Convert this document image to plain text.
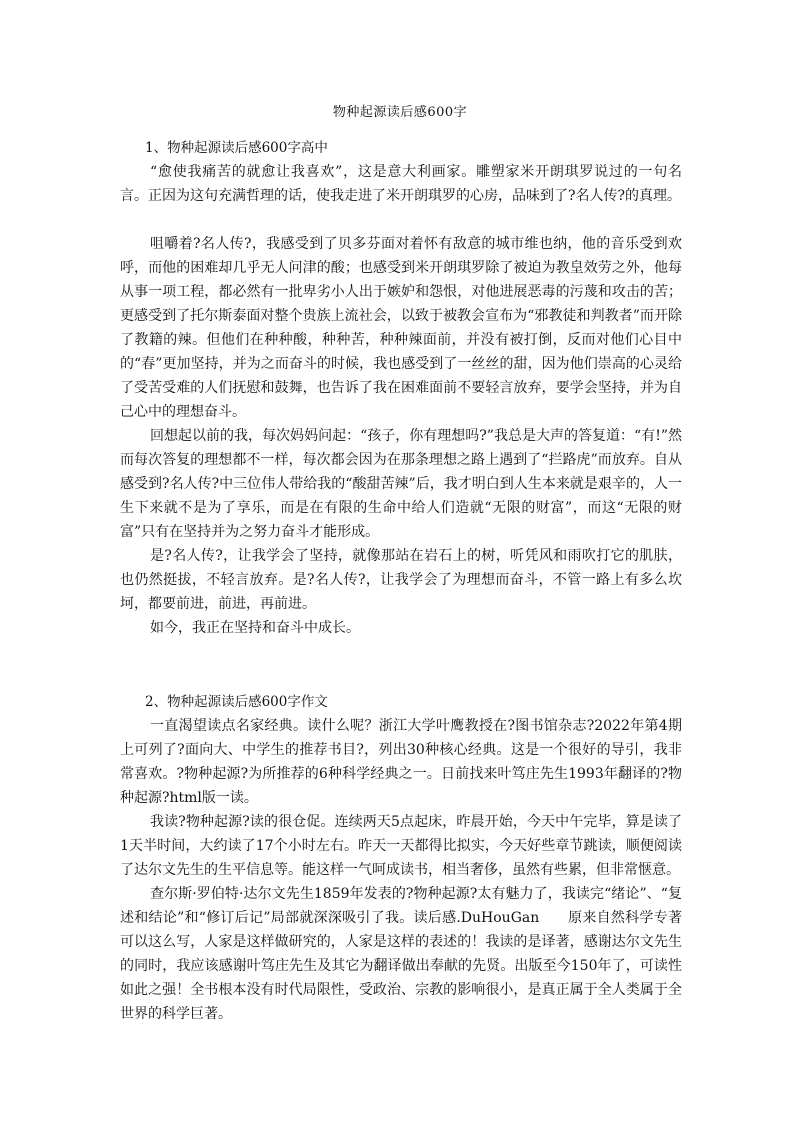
物种起源读后感600字

1、物种起源读后感600字高中

“愈使我痛苦的就愈让我喜欢”，这是意大利画家。雕塑家米开朗琪罗说过的一句名言。正因为这句充满哲理的话，使我走进了米开朗琪罗的心房，品味到了?名人传?的真理。

咀嚼着?名人传?，我感受到了贝多芬面对着怀有敌意的城市维也纳，他的音乐受到欢呼，而他的困难却几乎无人问津的酸；也感受到米开朗琪罗除了被迫为教皇效劳之外，他每从事一项工程，都必然有一批卑劣小人出于嫉妒和怨恨，对他进展恶毒的污蔑和攻击的苦；更感受到了托尔斯泰面对整个贵族上流社会，以致于被教会宣布为“邪教徒和判教者”而开除了教籍的辣。但他们在种种酸，种种苦，种种辣面前，并没有被打倒，反而对他们心目中的“春”更加坚持，并为之而奋斗的时候，我也感受到了一丝丝的甜，因为他们崇高的心灵给了受苦受难的人们抚慰和鼓舞，也告诉了我在困难面前不要轻言放弃，要学会坚持，并为自己心中的理想奋斗。

回想起以前的我，每次妈妈问起：“孩子，你有理想吗?”我总是大声的答复道：“有!”然而每次答复的理想都不一样，每次都会因为在那条理想之路上遇到了“拦路虎”而放弃。自从感受到?名人传?中三位伟人带给我的“酸甜苦辣”后，我才明白到人生本来就是艰辛的，人一生下来就不是为了享乐，而是在有限的生命中给人们造就“无限的财富”，而这“无限的财富”只有在坚持并为之努力奋斗才能形成。

是?名人传?，让我学会了坚持，就像那站在岩石上的树，听凭风和雨吹打它的肌肤，也仍然挺拔，不轻言放弃。是?名人传?，让我学会了为理想而奋斗，不管一路上有多么坎坷，都要前进，前进，再前进。

如今，我正在坚持和奋斗中成长。

2、物种起源读后感600字作文

一直渴望读点名家经典。读什么呢？浙江大学叶鹰教授在?图书馆杂志?2022年第4期上可列了?面向大、中学生的推荐书目?，列出30种核心经典。这是一个很好的导引，我非常喜欢。?物种起源?为所推荐的6种科学经典之一。日前找来叶笃庄先生1993年翻译的?物种起源?html版一读。

我读?物种起源?读的很仓促。连续两天5点起床，昨晨开始，今天中午完毕，算是读了1天半时间，大约读了17个小时左右。昨天一天都得比拟实，今天好些章节跳读，顺便阅读了达尔文先生的生平信息等。能这样一气呵成读书，相当奢侈，虽然有些累，但非常惬意。

查尔斯·罗伯特·达尔文先生1859年发表的?物种起源?太有魅力了，我读完“绪论”、“复述和结论”和“修订后记”局部就深深吸引了我。读后感.DuHouGan　　原来自然科学专著可以这么写，人家是这样做研究的，人家是这样的表述的！我读的是译著，感谢达尔文先生的同时，我应该感谢叶笃庄先生及其它为翻译做出奉献的先贤。出版至今150年了，可读性如此之强！全书根本没有时代局限性，受政治、宗教的影响很小，是真正属于全人类属于全世界的科学巨著。
